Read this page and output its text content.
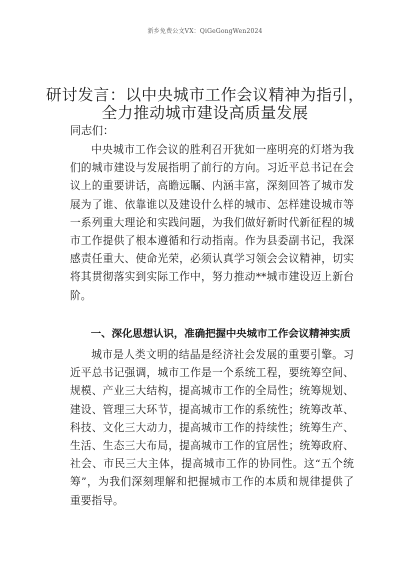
新乡免费公文VX：QiGeGongWen2024
研讨发言：以中央城市工作会议精神为指引，
全力推动城市建设高质量发展
同志们：

中央城市工作会议的胜利召开犹如一座明亮的灯塔为我们的城市建设与发展指明了前行的方向。习近平总书记在会议上的重要讲话，高瞻远瞩、内涵丰富，深刻回答了城市发展为了谁、依靠谁以及建设什么样的城市、怎样建设城市等一系列重大理论和实践问题，为我们做好新时代新征程的城市工作提供了根本遵循和行动指南。作为县委副书记，我深感责任重大、使命光荣，必须认真学习领会会议精神，切实将其贯彻落实到实际工作中，努力推动**城市建设迈上新台阶。

一、深化思想认识，准确把握中央城市工作会议精神实质

城市是人类文明的结晶是经济社会发展的重要引擎。习近平总书记强调，城市工作是一个系统工程，要统筹空间、规模、产业三大结构，提高城市工作的全局性；统筹规划、建设、管理三大环节，提高城市工作的系统性；统筹改革、科技、文化三大动力，提高城市工作的持续性；统筹生产、生活、生态三大布局，提高城市工作的宜居性；统筹政府、社会、市民三大主体，提高城市工作的协同性。这“五个统筹”，为我们深刻理解和把握城市工作的本质和规律提供了重要指导。
